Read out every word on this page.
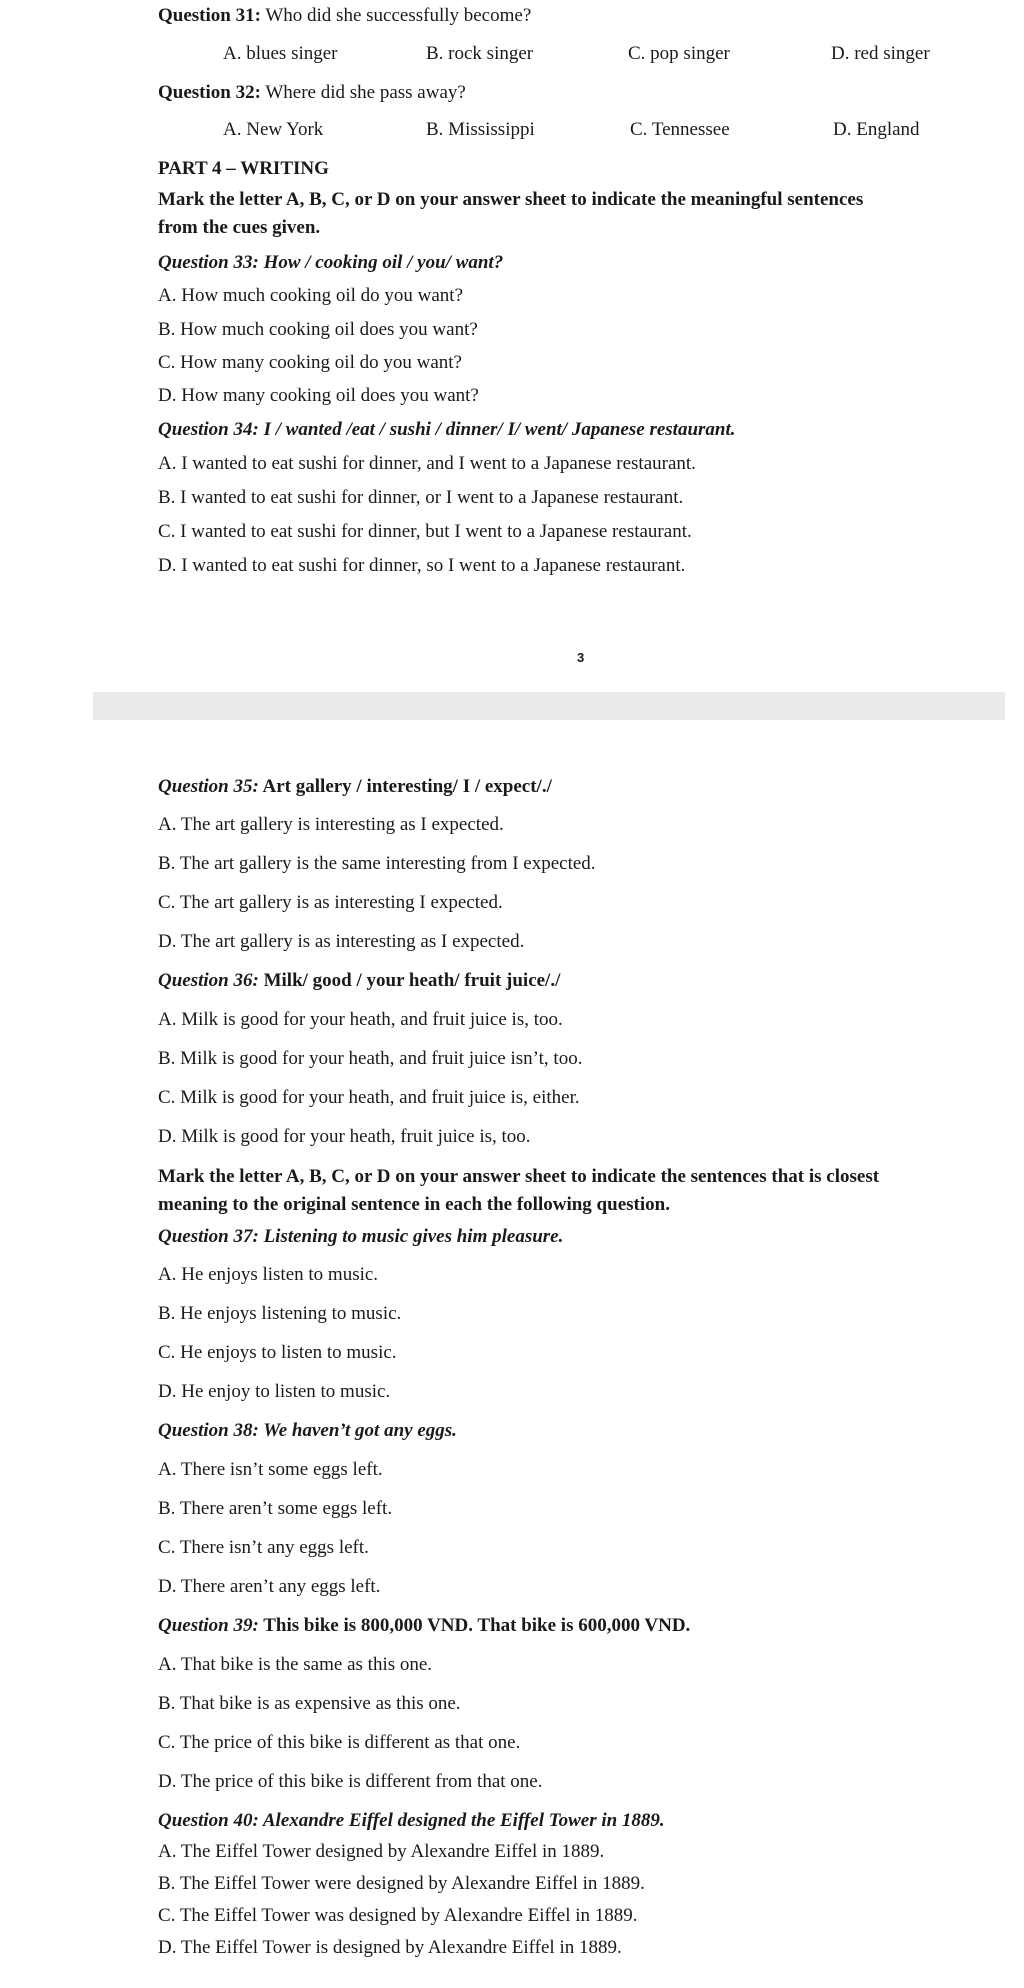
Question 31: Who did she successfully become?
A. blues singer	B. rock singer	C. pop singer	D. red singer
Question 32: Where did she pass away?
A. New York	B. Mississippi	C. Tennessee	D. England
PART 4 – WRITING
Mark the letter A, B, C, or D on your answer sheet to indicate the meaningful sentences
from the cues given.
Question 33: How / cooking oil / you/ want?
A. How much cooking oil do you want?
B. How much cooking oil does you want?
C. How many cooking oil do you want?
D. How many cooking oil does you want?
Question 34: I / wanted /eat / sushi / dinner/ I/ went/ Japanese restaurant.
A. I wanted to eat sushi for dinner, and I went to a Japanese restaurant.
B. I wanted to eat sushi for dinner, or I went to a Japanese restaurant.
C. I wanted to eat sushi for dinner, but I went to a Japanese restaurant.
D. I wanted to eat sushi for dinner, so I went to a Japanese restaurant.
3
Question 35: Art gallery / interesting/ I / expect/./
A. The art gallery is interesting as I expected.
B. The art gallery is the same interesting from I expected.
C. The art gallery is as interesting I expected.
D. The art gallery is as interesting as I expected.
Question 36: Milk/ good / your heath/ fruit juice/./
A. Milk is good for your heath, and fruit juice is, too.
B. Milk is good for your heath, and fruit juice isn’t, too.
C. Milk is good for your heath, and fruit juice is, either.
D. Milk is good for your heath, fruit juice is, too.
Mark the letter A, B, C, or D on your answer sheet to indicate the sentences that is closest
meaning to the original sentence in each the following question.
Question 37: Listening to music gives him pleasure.
A. He enjoys listen to music.
B. He enjoys listening to music.
C. He enjoys to listen to music.
D. He enjoy to listen to music.
Question 38: We haven’t got any eggs.
A. There isn’t some eggs left.
B. There aren’t some eggs left.
C. There isn’t any eggs left.
D. There aren’t any eggs left.
Question 39: This bike is 800,000 VND. That bike is 600,000 VND.
A. That bike is the same as this one.
B. That bike is as expensive as this one.
C. The price of this bike is different as that one.
D. The price of this bike is different from that one.
Question 40: Alexandre Eiffel designed the Eiffel Tower in 1889.
A. The Eiffel Tower designed by Alexandre Eiffel in 1889.
B. The Eiffel Tower were designed by Alexandre Eiffel in 1889.
C. The Eiffel Tower was designed by Alexandre Eiffel in 1889.
D. The Eiffel Tower is designed by Alexandre Eiffel in 1889.
